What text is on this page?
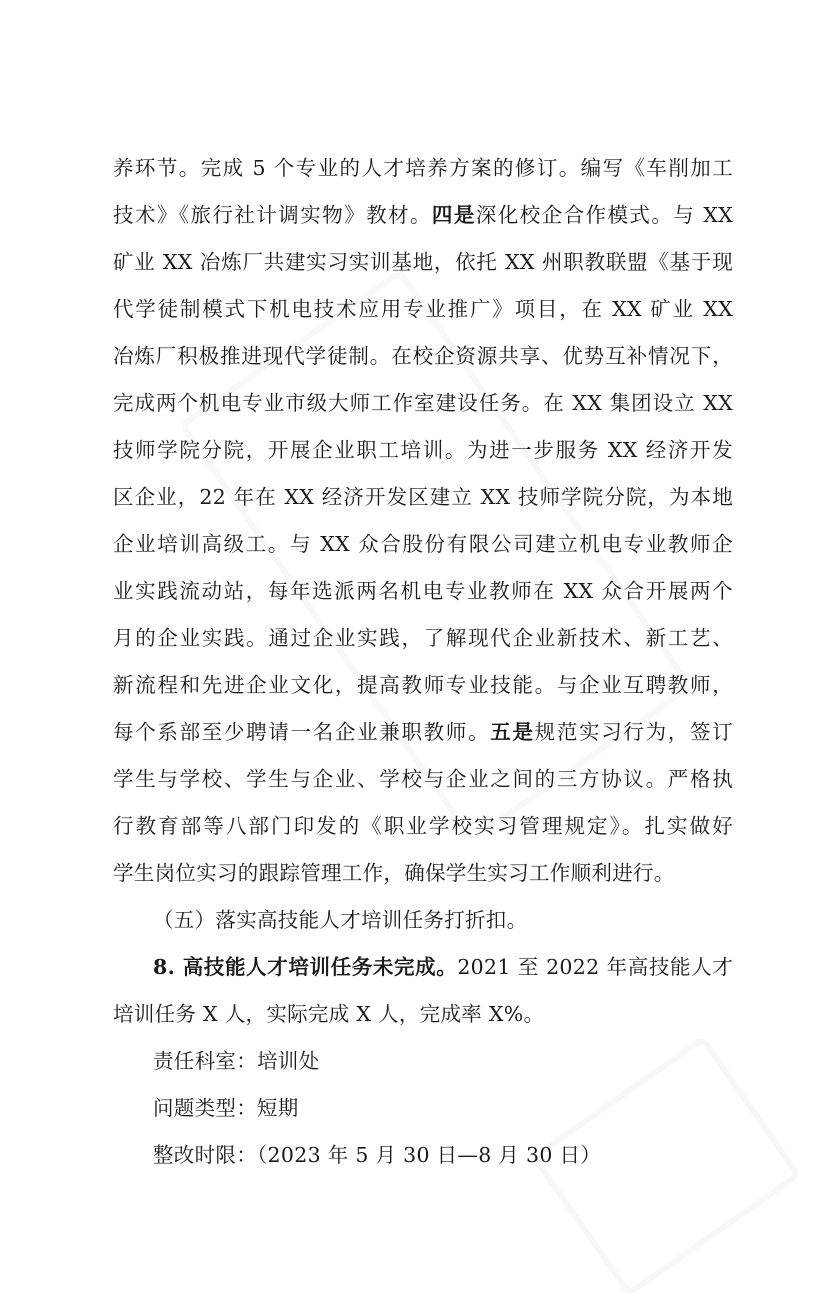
养环节。完成 5 个专业的人才培养方案的修订。编写《车削加工
技术》《旅行社计调实物》教材。四是深化校企合作模式。与 XX
矿业 XX 冶炼厂共建实习实训基地，依托 XX 州职教联盟《基于现
代学徒制模式下机电技术应用专业推广》项目，在 XX 矿业 XX
冶炼厂积极推进现代学徒制。在校企资源共享、优势互补情况下，
完成两个机电专业市级大师工作室建设任务。在 XX 集团设立 XX
技师学院分院，开展企业职工培训。为进一步服务 XX 经济开发
区企业，22 年在 XX 经济开发区建立 XX 技师学院分院，为本地
企业培训高级工。与 XX 众合股份有限公司建立机电专业教师企
业实践流动站，每年选派两名机电专业教师在 XX 众合开展两个
月的企业实践。通过企业实践，了解现代企业新技术、新工艺、
新流程和先进企业文化，提高教师专业技能。与企业互聘教师，
每个系部至少聘请一名企业兼职教师。五是规范实习行为，签订
学生与学校、学生与企业、学校与企业之间的三方协议。严格执
行教育部等八部门印发的《职业学校实习管理规定》。扎实做好
学生岗位实习的跟踪管理工作，确保学生实习工作顺利进行。
（五）落实高技能人才培训任务打折扣。
8. 高技能人才培训任务未完成。2021 至 2022 年高技能人才
培训任务 X 人，实际完成 X 人，完成率 X%。
责任科室：培训处
问题类型：短期
整改时限：（2023 年 5 月 30 日—8 月 30 日）
